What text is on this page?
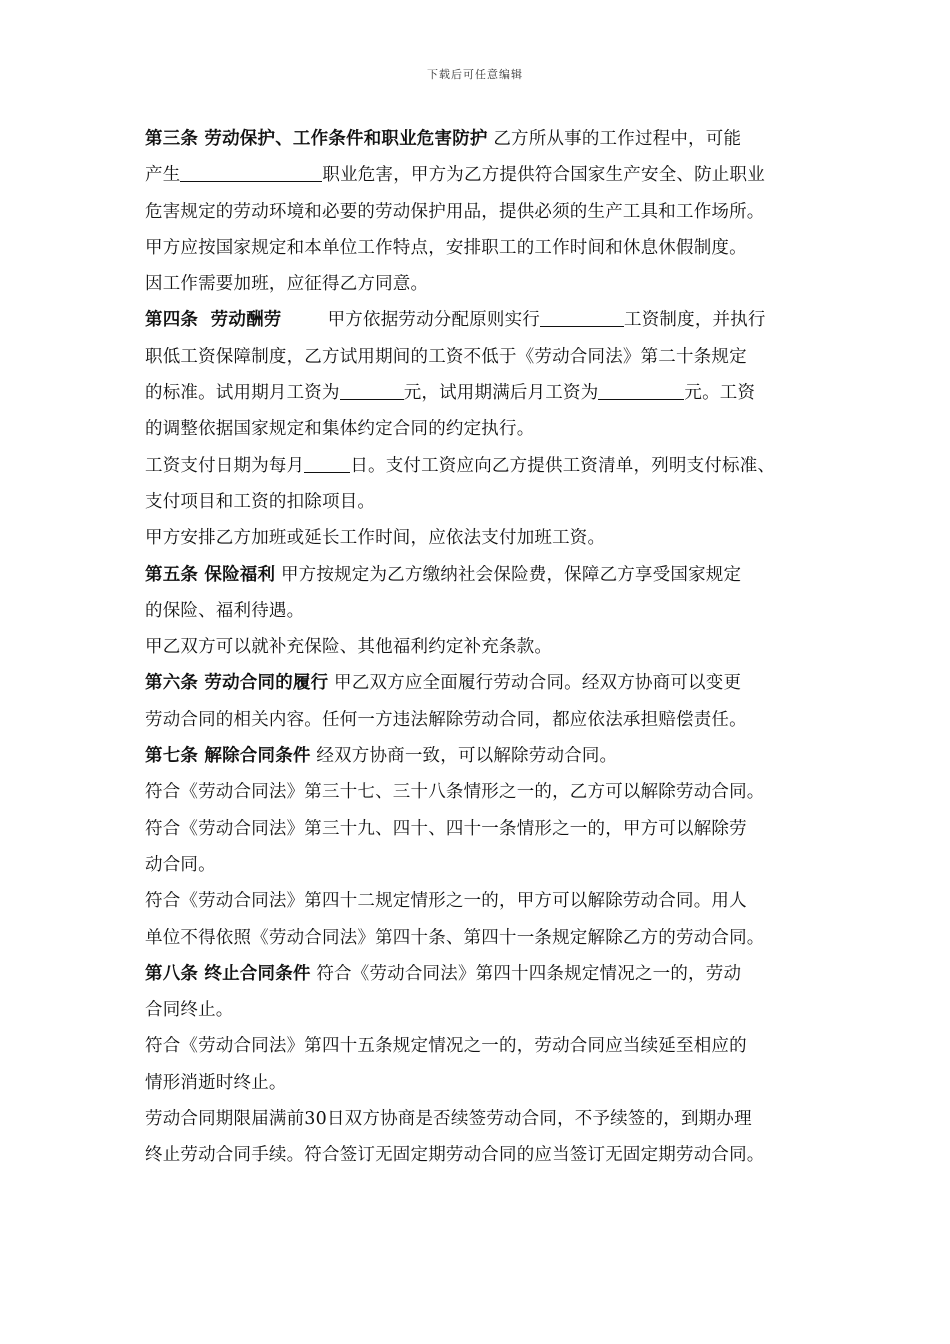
下载后可任意编辑
第三条 劳动保护、工作条件和职业危害防护 乙方所从事的工作过程中，可能
产生	职业危害，甲方为乙方提供符合国家生产安全、防止职业
危害规定的劳动环境和必要的劳动保护用品，提供必须的生产工具和工作场所。
甲方应按国家规定和本单位工作特点，安排职工的工作时间和休息休假制度。
因工作需要加班，应征得乙方同意。
第四条  劳动酬劳        甲方依据劳动分配原则实行	工资制度，并执行
职低工资保障制度，乙方试用期间的工资不低于《劳动合同法》第二十条规定
的标准。试用期月工资为	元，试用期满后月工资为	元。工资
的调整依据国家规定和集体约定合同的约定执行。
工资支付日期为每月	日。支付工资应向乙方提供工资清单，列明支付标准、
支付项目和工资的扣除项目。
甲方安排乙方加班或延长工作时间，应依法支付加班工资。
第五条 保险福利 甲方按规定为乙方缴纳社会保险费，保障乙方享受国家规定
的保险、福利待遇。
甲乙双方可以就补充保险、其他福利约定补充条款。
第六条 劳动合同的履行 甲乙双方应全面履行劳动合同。经双方协商可以变更
劳动合同的相关内容。任何一方违法解除劳动合同，都应依法承担赔偿责任。
第七条 解除合同条件 经双方协商一致，可以解除劳动合同。
符合《劳动合同法》第三十七、三十八条情形之一的，乙方可以解除劳动合同。
符合《劳动合同法》第三十九、四十、四十一条情形之一的，甲方可以解除劳
动合同。
符合《劳动合同法》第四十二规定情形之一的，甲方可以解除劳动合同。用人
单位不得依照《劳动合同法》第四十条、第四十一条规定解除乙方的劳动合同。
第八条 终止合同条件 符合《劳动合同法》第四十四条规定情况之一的，劳动
合同终止。
符合《劳动合同法》第四十五条规定情况之一的，劳动合同应当续延至相应的
情形消逝时终止。
劳动合同期限届满前30日双方协商是否续签劳动合同，不予续签的，到期办理
终止劳动合同手续。符合签订无固定期劳动合同的应当签订无固定期劳动合同。
